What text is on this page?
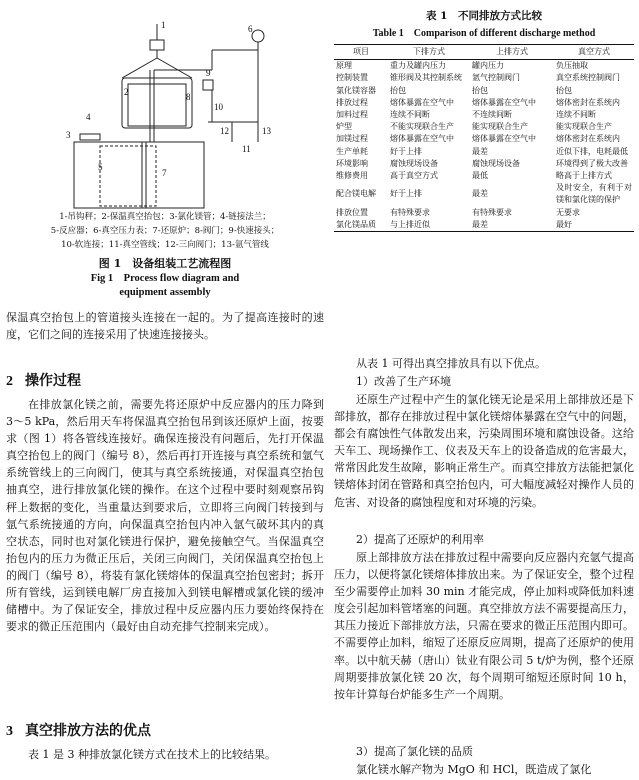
1
2
3
4
5
6
7
8
9
10
11
12	13
1-吊钩秤；2-保温真空抬包；3-氯化镁管；4-链接法兰；
5-反应器；6-真空压力表；7-还原炉；8-阀门；9-快速接头；
10-软连接；11-真空管线；12-三向阀门；13-氩气管线
图 1　设备组装工艺流程图
Fig 1　Process flow diagram and
equipment assembly
保温真空抬包上的管道接头连接在一起的。为了提高连接时的速度，它们之间的连接采用了快速连接接头。
2 操作过程
在排放氯化镁之前，需要先将还原炉中反应器内的压力降到 3～5 kPa，然后用天车将保温真空抬包吊到该还原炉上面，按要求（图 1）将各管线连接好。确保连接没有问题后，先打开保温真空抬包上的阀门（编号 8），然后再打开连接与真空系统和氩气系统管线上的三向阀门，使其与真空系统接通，对保温真空抬包抽真空，进行排放氯化镁的操作。在这个过程中要时刻观察吊钩秤上数据的变化，当重量达到要求后，立即将三向阀门转接到与氩气系统接通的方向，向保温真空抬包内冲入氩气破坏其内的真空状态，同时也对氯化镁进行保护，避免接触空气。当保温真空抬包内的压力为微正压后，关闭三向阀门，关闭保温真空抬包上的阀门（编号 8），将装有氯化镁熔体的保温真空抬包密封；拆开所有管线，运到镁电解厂房直接加入到镁电解槽或氯化镁的缓冲储槽中。为了保证安全，排放过程中反应器内压力要始终保持在要求的微正压范围内（最好由自动充排气控制来完成）。
3 真空排放方法的优点
表 1 是 3 种排放氯化镁方式在技术上的比较结果。
表 1　不同排放方式比较
Table 1　Comparison of different discharge method
项目	下排方式	上排方式	真空方式
原理	重力及罐内压力	罐内压力	负压抽取
控制装置	锥形阀及其控制系统	氩气控制阀门	真空系统控制阀门
氯化镁容器	抬包	抬包	抬包
排放过程	熔体暴露在空气中	熔体暴露在空气中	熔体密封在系统内
加料过程	连续不间断	不连续间断	连续不间断
炉型	不能实现联合生产	能实现联合生产	能实现联合生产
加镁过程	熔体暴露在空气中	熔体暴露在空气中	熔体密封在系统内
生产单耗	好于上排	最差	近似下排，电耗最低
环境影响	腐蚀现场设备	腐蚀现场设备	环境得到了极大改善
维修费用	高于真空方式	最低	略高于上排方式
配合镁电解	好于上排	最差	及时安全，有利于对镁和氯化镁的保护
排放位置	有特殊要求	有特殊要求	无要求
氯化镁品质	与上排近似	最差	最好
从表 1 可得出真空排放具有以下优点。
1）改善了生产环境
还原生产过程中产生的氯化镁无论是采用上部排放还是下部排放，都存在排放过程中氯化镁熔体暴露在空气中的问题，都会有腐蚀性气体散发出来，污染周围环境和腐蚀设备。这给天车工、现场操作工、仪表及天车上的设备造成的危害最大，常常因此发生故障，影响正常生产。而真空排放方法能把氯化镁熔体封闭在管路和真空抬包内，可大幅度减轻对操作人员的危害、对设备的腐蚀程度和对环境的污染。
2）提高了还原炉的利用率
原上部排放方法在排放过程中需要向反应器内充氩气提高压力，以便将氯化镁熔体排放出来。为了保证安全，整个过程至少需要停止加料 30 min 才能完成，停止加料或降低加料速度会引起加料管堵塞的问题。真空排放方法不需要提高压力，其压力接近下部排放方法，只需在要求的微正压范围内即可。不需要停止加料，缩短了还原反应周期，提高了还原炉的使用率。以中航天赫（唐山）钛业有限公司 5 t/炉为例，整个还原周期要排放氯化镁 20 次，每个周期可缩短还原时间 10 h，按年计算每台炉能多生产一个周期。
3）提高了氯化镁的品质
氯化镁水解产物为 MgO 和 HCl，既造成了氯化
